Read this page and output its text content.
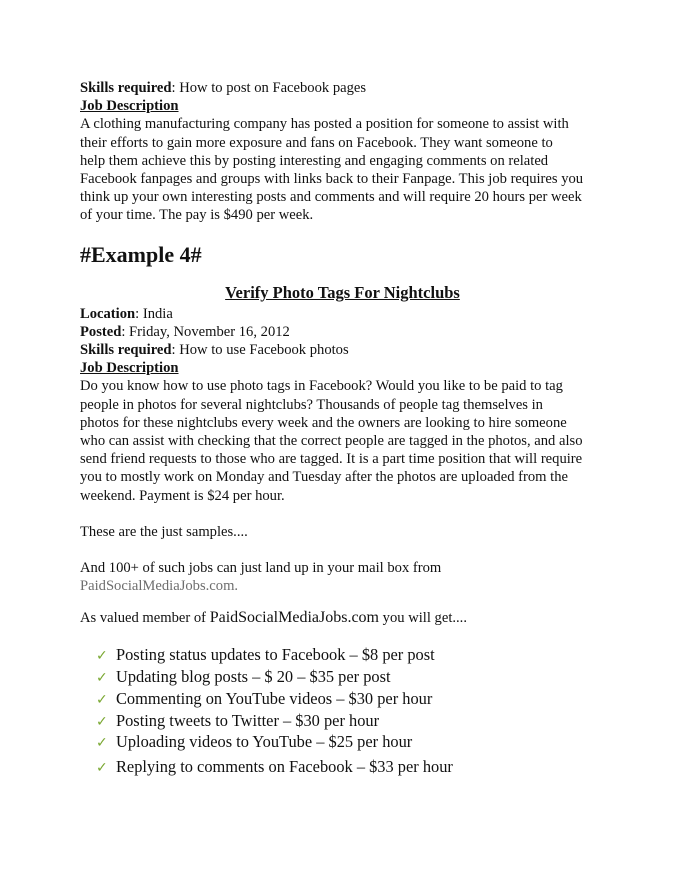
Skills required: How to post on Facebook pages
Job Description
A clothing manufacturing company has posted a position for someone to assist with
their efforts to gain more exposure and fans on Facebook. They want someone to
help them achieve this by posting interesting and engaging comments on related
Facebook fanpages and groups with links back to their Fanpage. This job requires you
think up your own interesting posts and comments and will require 20 hours per week
of your time. The pay is $490 per week.
#Example 4#
Verify Photo Tags For Nightclubs
Location: India
Posted: Friday, November 16, 2012
Skills required: How to use Facebook photos
Job Description
Do you know how to use photo tags in Facebook? Would you like to be paid to tag
people in photos for several nightclubs? Thousands of people tag themselves in
photos for these nightclubs every week and the owners are looking to hire someone
who can assist with checking that the correct people are tagged in the photos, and also
send friend requests to those who are tagged. It is a part time position that will require
you to mostly work on Monday and Tuesday after the photos are uploaded from the
weekend. Payment is $24 per hour.
These are the just samples....
And 100+ of such jobs can just land up in your mail box from
PaidSocialMediaJobs.com.
As valued member of PaidSocialMediaJobs.com you will get....
✓ Posting status updates to Facebook – $8 per post
✓ Updating blog posts – $ 20 – $35 per post
✓ Commenting on YouTube videos – $30 per hour
✓ Posting tweets to Twitter – $30 per hour
✓ Uploading videos to YouTube – $25 per hour
✓ Replying to comments on Facebook – $33 per hour
